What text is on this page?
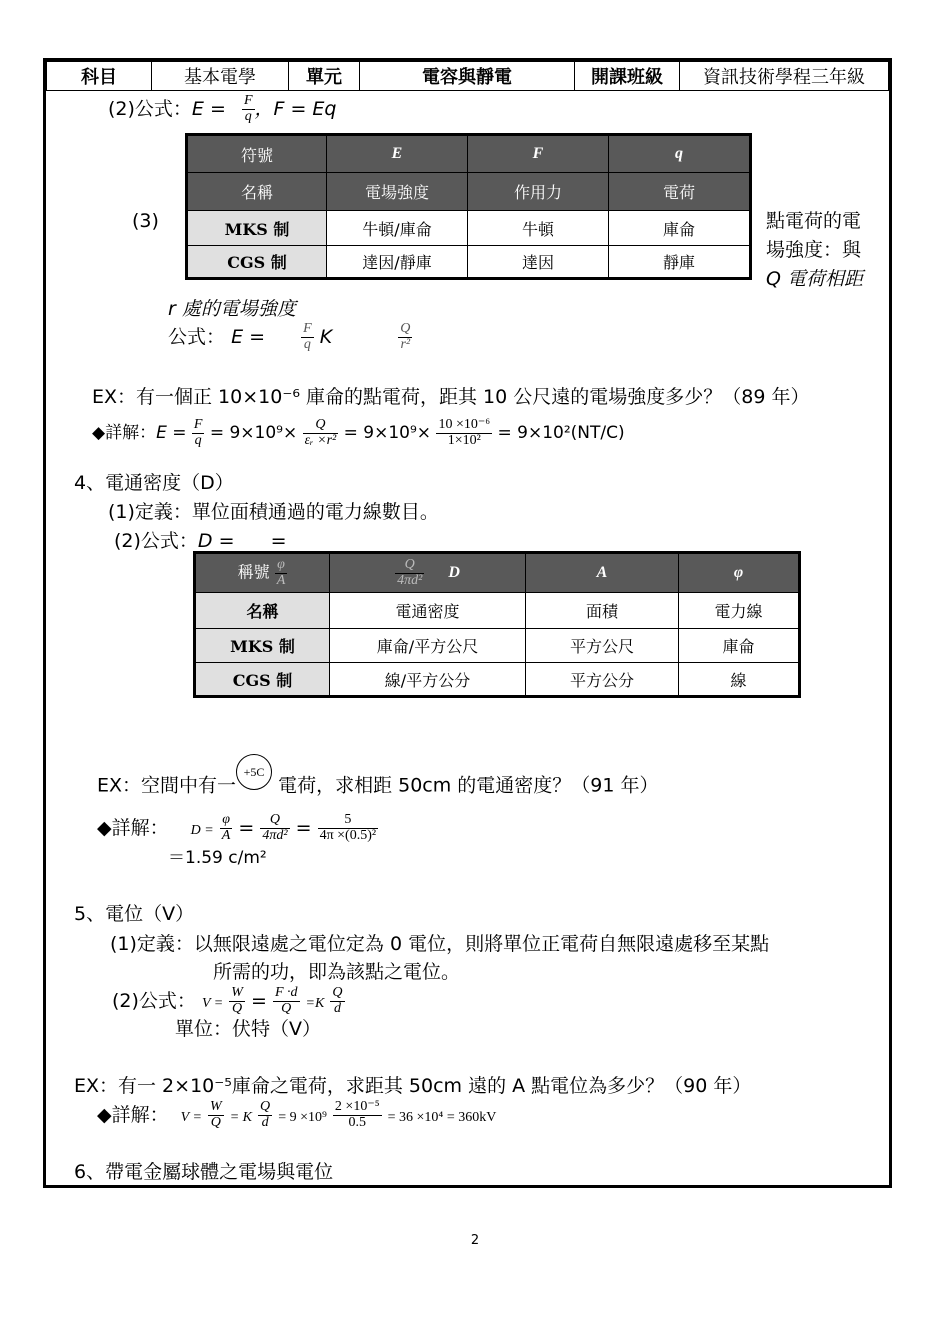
科目	基本電學	單元	電容與靜電	開課班級	資訊技術學程三年級
(2)公式：$E = \frac{F}{q}$ ，F = Eq
(3)
符號	E	F	q
名稱	電場強度	作用力	電荷
MKS 制	牛頓/庫侖	牛頓	庫侖
CGS 制	達因/靜庫	達因	靜庫
點電荷的電
場強度：與
Q 電荷相距
r 處的電場強度
公式： $E = \frac{F}{q}$ K	$\frac{Q}{\text{r²}}$
EX：有一個正 10×10⁻⁶ 庫侖的點電荷，距其 10 公尺遠的電場強度多少？（89 年）
◆詳解：$E = \frac{F}{q} = 9\times 10^9\times \frac{Q}{\text{εᵣ ×r²}} = 9\times 10^9\times \frac{\text{10 ×10⁻⁶}}{\text{1×10²}} = 9\times 10^2(NT/C)$
4、電通密度（D）
(1)定義：單位面積通過的電力線數目。
(2)公式：D = =
稱號 $\frac{\varphi}{A}$	$\frac{Q}{\text{4πd²}}$ D	A	φ
名稱	電通密度	面積	電力線
MKS 制	庫侖/平方公尺	平方公尺	庫侖
CGS 制	線/平方公分	平方公分	線
EX：空間中有一+5C 電荷，求相距 50cm 的電通密度？（91 年）
◆詳解： $D = \frac{\varphi}{A} = \frac{Q}{\text{4πd²}} = \frac{5}{\text{4π ×(0.5)²}}$
＝1.59 c/m²
5、電位（V）
(1)定義：以無限遠處之電位定為 0 電位，則將單位正電荷自無限遠處移至某點
所需的功，即為該點之電位。
(2)公式： $V = \frac{W}{Q} = \frac{F \cdot d}{Q} =K \frac{Q}{d}$
單位：伏特（V）
EX：有一 2×10⁻⁵庫侖之電荷，求距其 50cm 遠的 A 點電位為多少？（90 年）
◆詳解： $V = \frac{W}{Q} = K \frac{Q}{d} = 9 \times 10^9 \frac{\text{2 ×10⁻⁵}}{0.5} = 36 \times 10^4 = 360kV$
6、帶電金屬球體之電場與電位
2
